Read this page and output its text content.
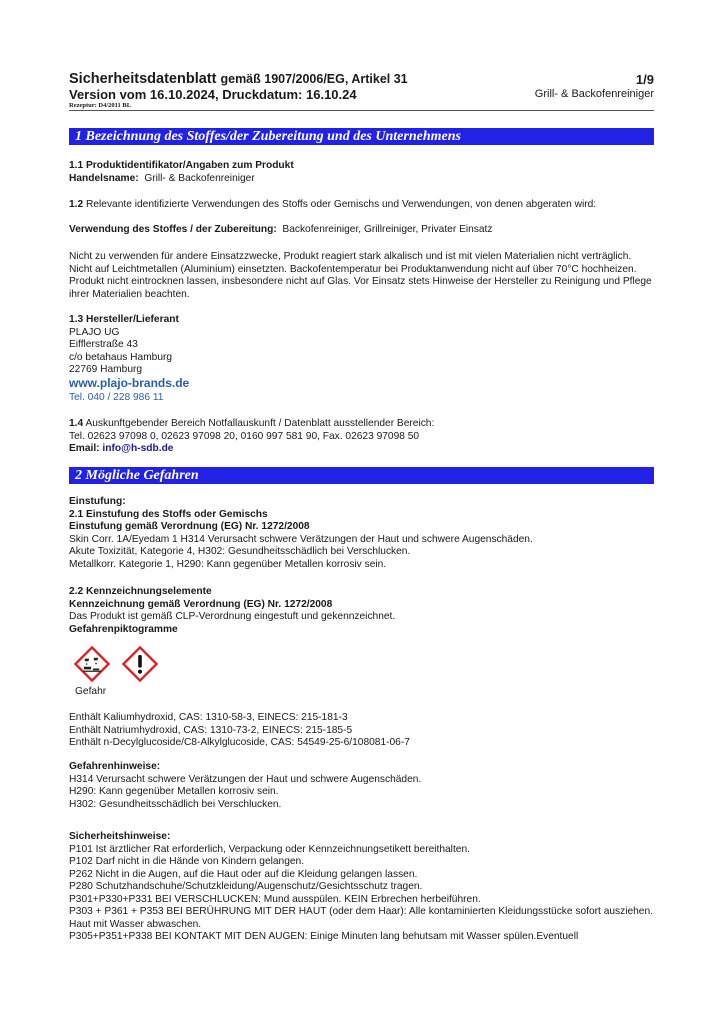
Sicherheitsdatenblatt gemäß 1907/2006/EG, Artikel 31	1/9
Version vom 16.10.2024, Druckdatum: 16.10.24	Grill- & Backofenreiniger
Rezeptur: D4/2011 BL
1 Bezeichnung des Stoffes/der Zubereitung und des Unternehmens
1.1 Produktidentifikator/Angaben zum Produkt
Handelsname: Grill- & Backofenreiniger
1.2 Relevante identifizierte Verwendungen des Stoffs oder Gemischs und Verwendungen, von denen abgeraten wird:
Verwendung des Stoffes / der Zubereitung: Backofenreiniger, Grillreiniger, Privater Einsatz
Nicht zu verwenden für andere Einsatzzwecke, Produkt reagiert stark alkalisch und ist mit vielen Materialien nicht verträglich. Nicht auf Leichtmetallen (Aluminium) einsetzten. Backofentemperatur bei Produktanwendung nicht auf über 70°C hochheizen. Produkt nicht eintrocknen lassen, insbesondere nicht auf Glas. Vor Einsatz stets Hinweise der Hersteller zu Reinigung und Pflege ihrer Materialien beachten.
1.3 Hersteller/Lieferant
PLAJO UG
Eifflerstraße 43
c/o betahaus Hamburg
22769 Hamburg
www.plajo-brands.de
Tel. 040 / 228 986 11
1.4 Auskunftgebender Bereich Notfallauskunft / Datenblatt ausstellender Bereich:
Tel. 02623 97098 0, 02623 97098 20, 0160 997 581 90, Fax. 02623 97098 50
Email: info@h-sdb.de
2 Mögliche Gefahren
Einstufung:
2.1 Einstufung des Stoffs oder Gemischs
Einstufung gemäß Verordnung (EG) Nr. 1272/2008
Skin Corr. 1A/Eyedam 1 H314 Verursacht schwere Verätzungen der Haut und schwere Augenschäden.
Akute Toxizität, Kategorie 4, H302: Gesundheitsschädlich bei Verschlucken.
Metallkorr. Kategorie 1, H290: Kann gegenüber Metallen korrosiv sein.
2.2 Kennzeichnungselemente
Kennzeichnung gemäß Verordnung (EG) Nr. 1272/2008
Das Produkt ist gemäß CLP-Verordnung eingestuft und gekennzeichnet.
Gefahrenpiktogramme
Gefahr
Enthält Kaliumhydroxid, CAS: 1310-58-3, EINECS: 215-181-3
Enthält Natriumhydroxid, CAS: 1310-73-2, EINECS: 215-185-5
Enthält n-Decylglucoside/C8-Alkylglucoside, CAS: 54549-25-6/108081-06-7
Gefahrenhinweise:
H314 Verursacht schwere Verätzungen der Haut und schwere Augenschäden.
H290: Kann gegenüber Metallen korrosiv sein.
H302: Gesundheitsschädlich bei Verschlucken.
Sicherheitshinweise:
P101 Ist ärztlicher Rat erforderlich, Verpackung oder Kennzeichnungsetikett bereithalten.
P102 Darf nicht in die Hände von Kindern gelangen.
P262 Nicht in die Augen, auf die Haut oder auf die Kleidung gelangen lassen.
P280 Schutzhandschuhe/Schutzkleidung/Augenschutz/Gesichtsschutz tragen.
P301+P330+P331 BEI VERSCHLUCKEN: Mund ausspülen. KEIN Erbrechen herbeiführen.
P303 + P361 + P353 BEI BERÜHRUNG MIT DER HAUT (oder dem Haar): Alle kontaminierten Kleidungsstücke sofort ausziehen. Haut mit Wasser abwaschen.
P305+P351+P338 BEI KONTAKT MIT DEN AUGEN: Einige Minuten lang behutsam mit Wasser spülen.Eventuell
